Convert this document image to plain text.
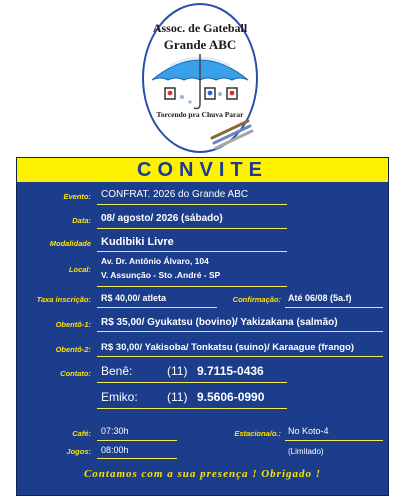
Assoc. de Gateball
Grande ABC
Torcendo pra Chuva Parar
CONVITE
Evento: CONFRAT. 2026 do Grande ABC
Data: 08/ agosto/ 2026 (sábado)
Modalidade Kudibiki Livre
Local:
Av. Dr. Antônio Álvaro, 104
V. Assunção - Sto .André - SP
Taxa inscrição: R$ 40,00/ atleta	Confirmação: Até 06/08 (5a.f)
Obentô-1: R$ 35,00/ Gyukatsu (bovino)/ Yakizakana (salmão)
Obentô-2: R$ 30,00/ Yakisoba/ Tonkatsu (suino)/ Karaague (frango)
Contato: Benê:	(11) 9.7115-0436
Emiko: (11) 9.5606-0990
Café: 07:30h	Estaciona/o.: No Koto-4
Jogos: 08:00h	(Limitado)
Contamos com a sua presença ! Obrigado !
